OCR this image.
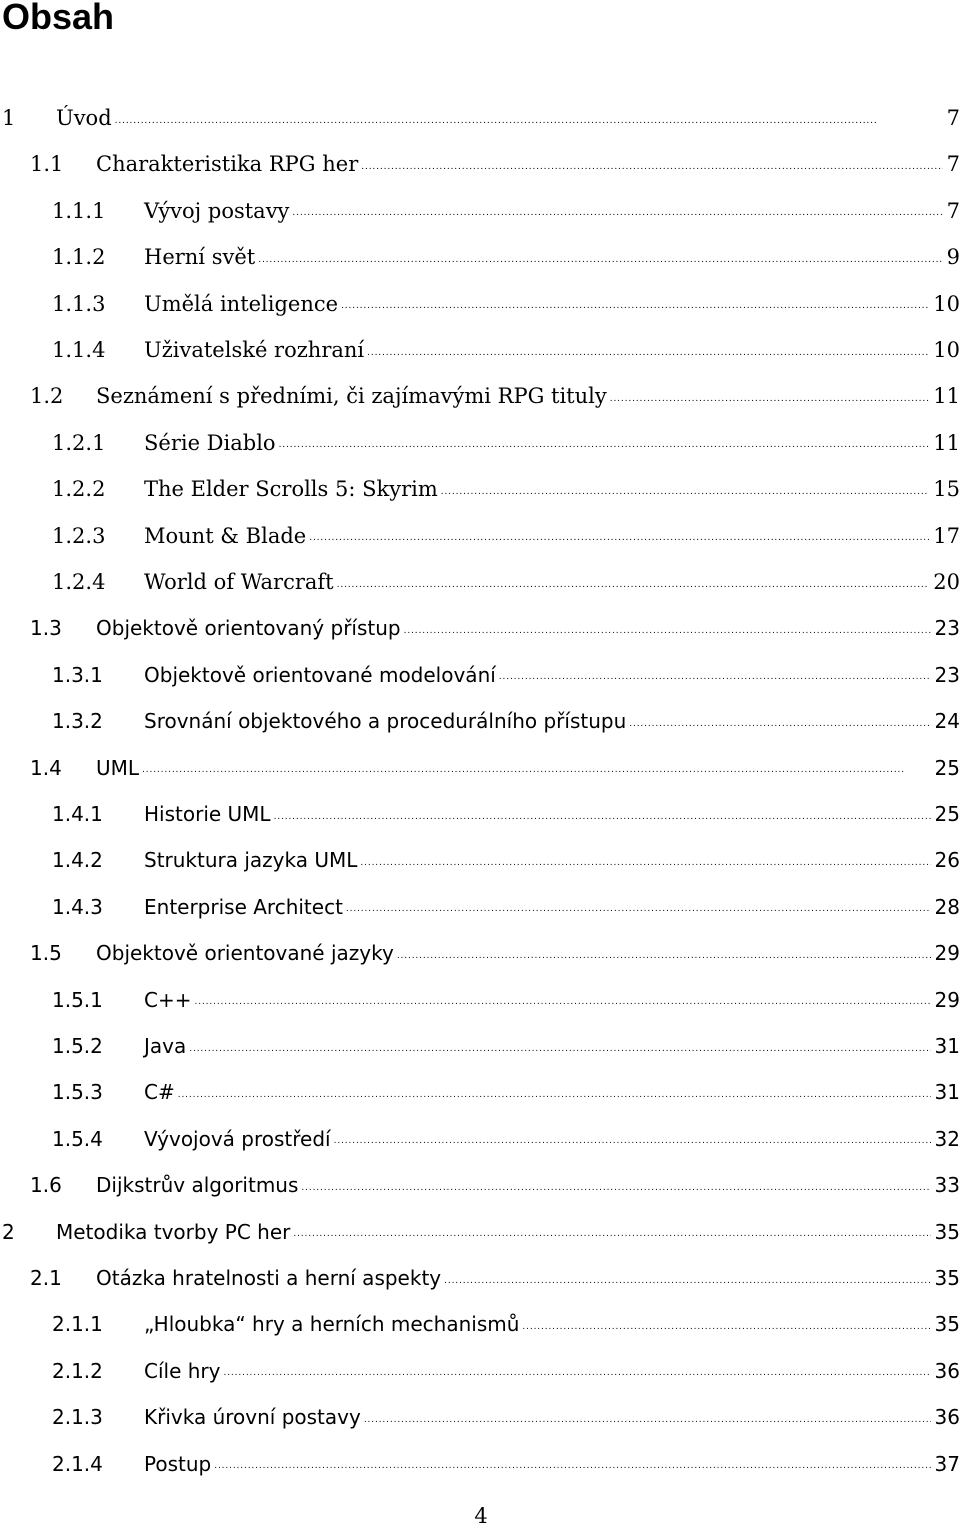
Obsah
1	Úvod . . .	7
1.1	Charakteristika RPG her . . .	7
1.1.1	Vývoj postavy . . .	7
1.1.2	Herní svět . . .	9
1.1.3	Umělá inteligence . . .	10
1.1.4	Uživatelské rozhraní . . .	10
1.2	Seznámení s předními, či zajímavými RPG tituly . . .	11
1.2.1	Série Diablo . . .	11
1.2.2	The Elder Scrolls 5: Skyrim . . .	15
1.2.3	Mount & Blade . . .	17
1.2.4	World of Warcraft . . .	20
1.3	Objektově orientovaný přístup . . .	23
1.3.1	Objektově orientované modelování . . .	23
1.3.2	Srovnání objektového a procedurálního přístupu . . .	24
1.4	UML . . .	25
1.4.1	Historie UML . . .	25
1.4.2	Struktura jazyka UML . . .	26
1.4.3	Enterprise Architect . . .	28
1.5	Objektově orientované jazyky . . .	29
1.5.1	C++ . . .	29
1.5.2	Java . . .	31
1.5.3	C# . . .	31
1.5.4	Vývojová prostředí . . .	32
1.6	Dijkstrův algoritmus . . .	33
2	Metodika tvorby PC her . . .	35
2.1	Otázka hratelnosti a herní aspekty . . .	35
2.1.1	„Hloubka“ hry a herních mechanismů . . .	35
2.1.2	Cíle hry . . .	36
2.1.3	Křivka úrovní postavy . . .	36
2.1.4	Postup . . .	37
4
